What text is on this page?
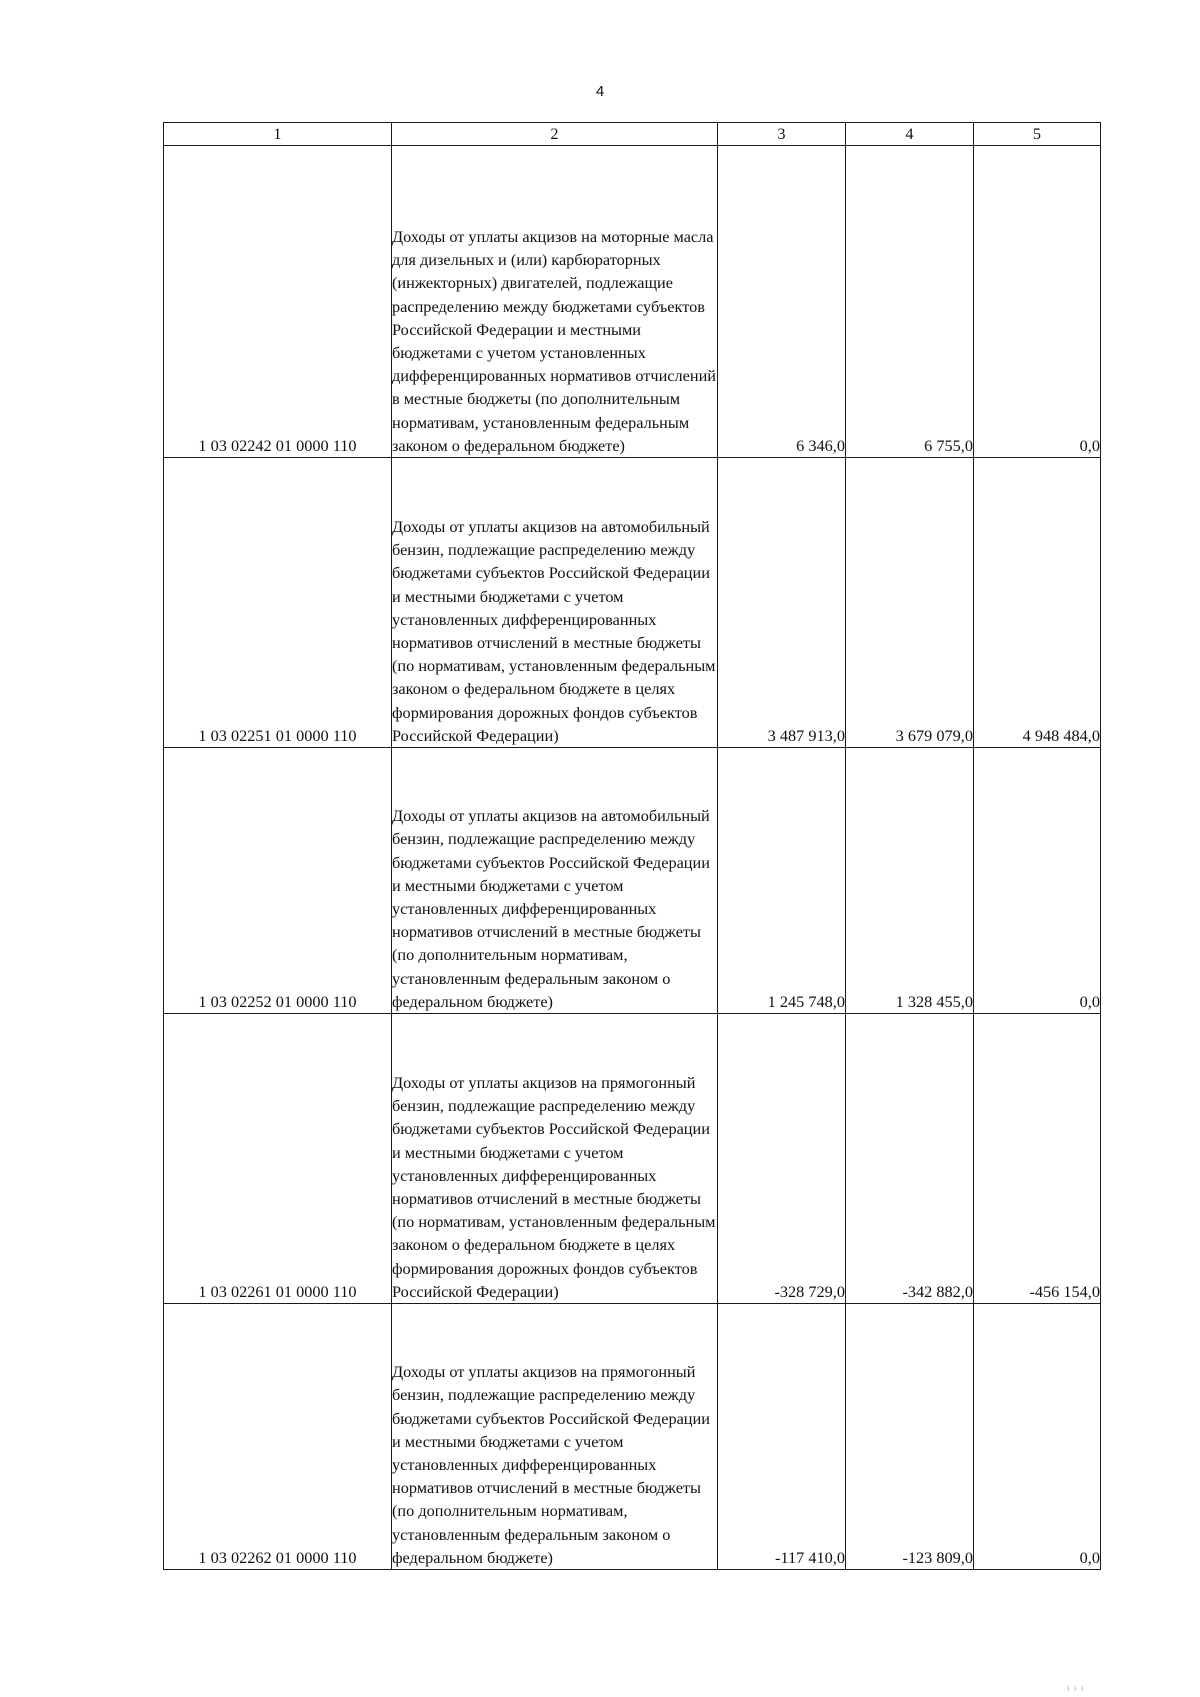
4
1	2	3	4	5
1 03 02242 01 0000 110	Доходы от уплаты акцизов на моторные масла для дизельных и (или) карбюраторных (инжекторных) двигателей, подлежащие распределению между бюджетами субъектов Российской Федерации и местными бюджетами с учетом установленных дифференцированных нормативов отчислений в местные бюджеты (по дополнительным нормативам, установленным федеральным законом о федеральном бюджете)	6 346,0	6 755,0	0,0
1 03 02251 01 0000 110	Доходы от уплаты акцизов на автомобильный бензин, подлежащие распределению между бюджетами субъектов Российской Федерации и местными бюджетами с учетом установленных дифференцированных нормативов отчислений в местные бюджеты (по нормативам, установленным федеральным законом о федеральном бюджете в целях формирования дорожных фондов субъектов Российской Федерации)	3 487 913,0	3 679 079,0	4 948 484,0
1 03 02252 01 0000 110	Доходы от уплаты акцизов на автомобильный бензин, подлежащие распределению между бюджетами субъектов Российской Федерации и местными бюджетами с учетом установленных дифференцированных нормативов отчислений в местные бюджеты (по дополнительным нормативам, установленным федеральным законом о федеральном бюджете)	1 245 748,0	1 328 455,0	0,0
1 03 02261 01 0000 110	Доходы от уплаты акцизов на прямогонный бензин, подлежащие распределению между бюджетами субъектов Российской Федерации и местными бюджетами с учетом установленных дифференцированных нормативов отчислений в местные бюджеты (по нормативам, установленным федеральным законом о федеральном бюджете в целях формирования дорожных фондов субъектов Российской Федерации)	-328 729,0	-342 882,0	-456 154,0
1 03 02262 01 0000 110	Доходы от уплаты акцизов на прямогонный бензин, подлежащие распределению между бюджетами субъектов Российской Федерации и местными бюджетами с учетом установленных дифференцированных нормативов отчислений в местные бюджеты (по дополнительным нормативам, установленным федеральным законом о федеральном бюджете)	-117 410,0	-123 809,0	0,0
ı ı ı
